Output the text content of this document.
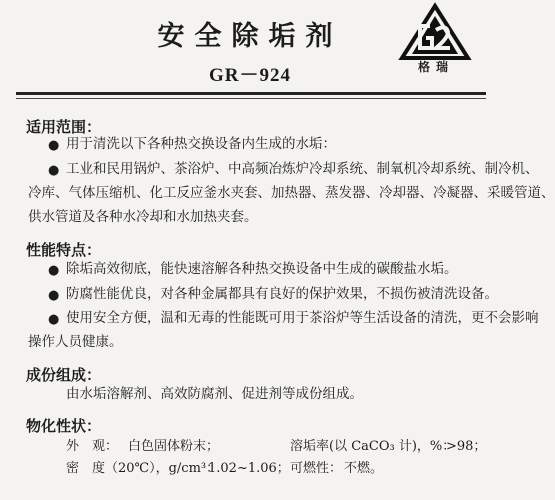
安全除垢剂
GR－924	格瑞
适用范围：
● 用于清洗以下各种热交换设备内生成的水垢：
● 工业和民用锅炉、茶浴炉、中高频冶炼炉冷却系统、制氧机冷却系统、制冷机、
冷库、气体压缩机、化工反应釜水夹套、加热器、蒸发器、冷却器、冷凝器、采暖管道、
供水管道及各种水冷却和水加热夹套。
性能特点：
● 除垢高效彻底，能快速溶解各种热交换设备中生成的碳酸盐水垢。
● 防腐性能优良，对各种金属都具有良好的保护效果，不损伤被清洗设备。
● 使用安全方便，温和无毒的性能既可用于茶浴炉等生活设备的清洗，更不会影响
操作人员健康。
成份组成：
由水垢溶解剂、高效防腐剂、促进剂等成份组成。
物化性状：
外　观： 白色固体粉末；	溶垢率(以 CaCO₃ 计)，%：
>98；
密　度（20℃），g/cm³：
1.02~1.06； 可燃性： 不燃。
